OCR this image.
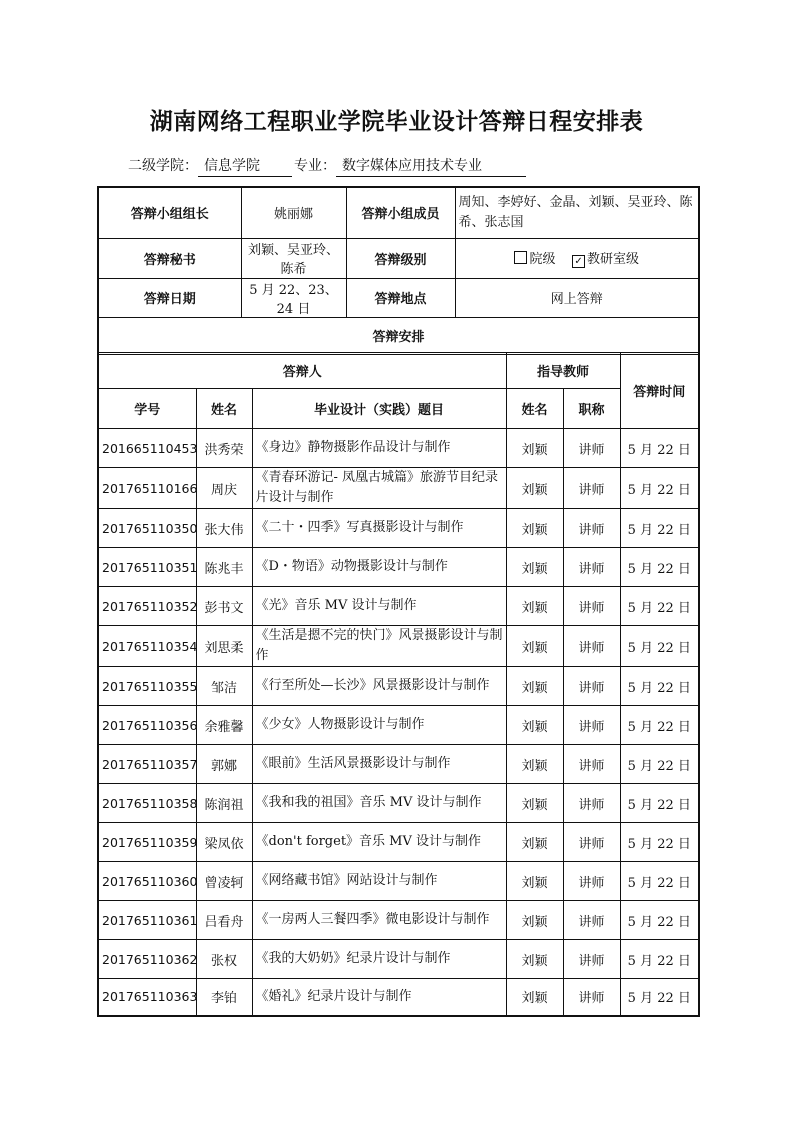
湖南网络工程职业学院毕业设计答辩日程安排表
二级学院： 信息学院 专业： 数字媒体应用技术专业
答辩小组组长	姚丽娜	答辩小组成员	周知、李婷好、金晶、刘颖、吴亚玲、陈希、张志国
答辩秘书	刘颖、吴亚玲、陈希	答辩级别	院级 ✓ 教研室级
答辩日期	5 月 22、23、24 日	答辩地点	网上答辩
答辩安排			
答辩人			指导教师		答辩时间
学号	姓名	毕业设计（实践）题目	姓名	职称	
201665110453	洪秀荣	《身边》静物摄影作品设计与制作	刘颖	讲师	5 月 22 日
201765110166	周庆	《青春环游记- 凤凰古城篇》旅游节目纪录片设计与制作	刘颖	讲师	5 月 22 日
201765110350	张大伟	《二十・四季》写真摄影设计与制作	刘颖	讲师	5 月 22 日
201765110351	陈兆丰	《D・物语》动物摄影设计与制作	刘颖	讲师	5 月 22 日
201765110352	彭书文	《光》音乐 MV 设计与制作	刘颖	讲师	5 月 22 日
201765110354	刘思柔	《生活是摁不完的快门》风景摄影设计与制作	刘颖	讲师	5 月 22 日
201765110355	邹洁	《行至所处—长沙》风景摄影设计与制作	刘颖	讲师	5 月 22 日
201765110356	余雅馨	《少女》人物摄影设计与制作	刘颖	讲师	5 月 22 日
201765110357	郭娜	《眼前》生活风景摄影设计与制作	刘颖	讲师	5 月 22 日
201765110358	陈润祖	《我和我的祖国》音乐 MV 设计与制作	刘颖	讲师	5 月 22 日
201765110359	梁凤依	《don't forget》音乐 MV 设计与制作	刘颖	讲师	5 月 22 日
201765110360	曾凌轲	《网络藏书馆》网站设计与制作	刘颖	讲师	5 月 22 日
201765110361	吕看舟	《一房两人三餐四季》微电影设计与制作	刘颖	讲师	5 月 22 日
201765110362	张权	《我的大奶奶》纪录片设计与制作	刘颖	讲师	5 月 22 日
201765110363	李铂	《婚礼》纪录片设计与制作	刘颖	讲师	5 月 22 日
